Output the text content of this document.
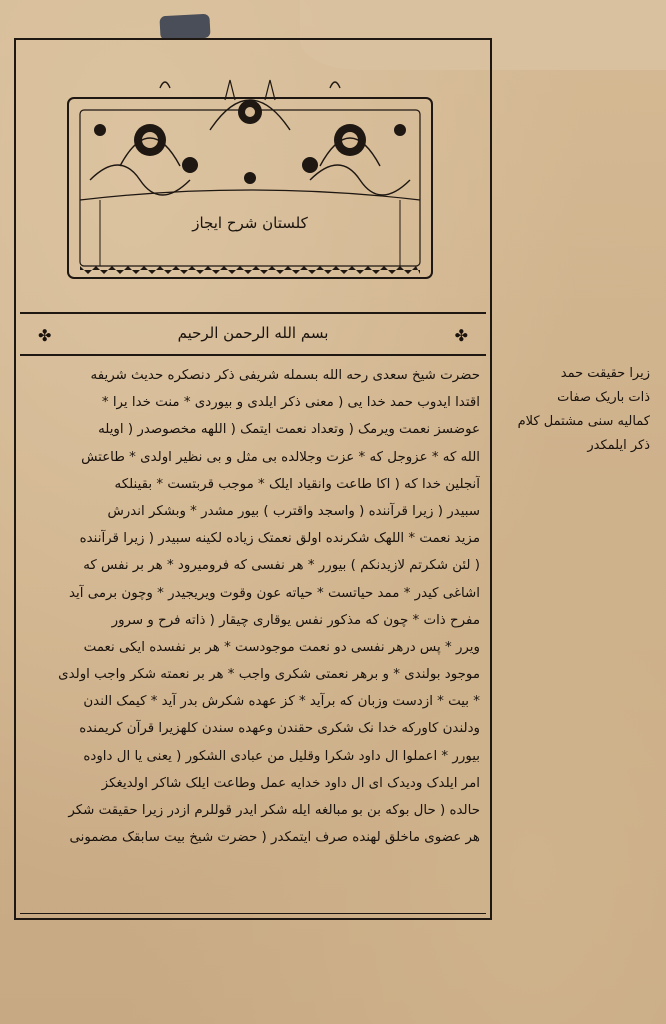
کلستان شرح ایجاز
✤	بسم الله الرحمن الرحیم	✤
حضرت شیخ سعدی رحه الله بسمله شریفی ذکر دنصکره حدیث شریفه
اقتدا ایدوب حمد خدا یی ( معنی ذکر ایلدی و بیوردی * منت خدا یرا *
عوضسز نعمت ویرمک ( وتعداد نعمت ایتمک ( اللهه مخصوصدر ( اویله
الله که * عزوجل که * عزت وجلالده بی مثل و بی نظیر اولدی * طاعتش
آنجلین خدا که ( اکا طاعت وانقیاد ایلک * موجب قربتست * بقینلکه
سبیدر ( زیرا قرآننده ( واسجد واقترب ) بیور مشدر * وبشکر اندرش
مزید نعمت * اللهک شکرنده اولق نعمتک زیاده لکینه سبیدر ( زیرا قرآننده
( لئن شکرتم لازیدنکم ) بیورر * هر نفسی که فرومیرود * هر بر نفس که
اشاغی کیدر * ممد حیاتست * حیاته عون وقوت ویریجیدر * وچون برمی آید
مفرح ذات * چون که مذکور نفس یوقاری چیقار ( ذاته فرح و سرور
ویرر * پس درهر نفسی دو نعمت موجودست * هر بر نفسده ایکی نعمت
موجود بولندی * و برهر نعمتی شکری واجب * هر بر نعمته شکر واجب اولدی
* بیت * ازدست وزبان که برآید * کز عهده شکرش بدر آید * کیمک الندن
ودلندن کاورکه خدا نک شکری حقندن وعهده سندن کلهزیرا قرآن کریمنده
بیورر * اعملوا ال داود شکرا وقلیل من عبادی الشکور ( یعنی یا ال داوده
امر ایلدک وديدک ای ال داود خدایه عمل وطاعت ایلک شاکر اولدیغکز
حالده ( حال بوکه بن بو مبالغه ایله شکر ایدر قوللرم ازدر زیرا حقیقت شکر
هر عضوی ماخلق لهنده صرف ایتمکدر ( حضرت شیخ بیت سابقک مضمونی
زیرا حقیقت حمد
ذات باریک صفات
کمالیه سنی مشتمل کلام
ذکر ایلمکدر
